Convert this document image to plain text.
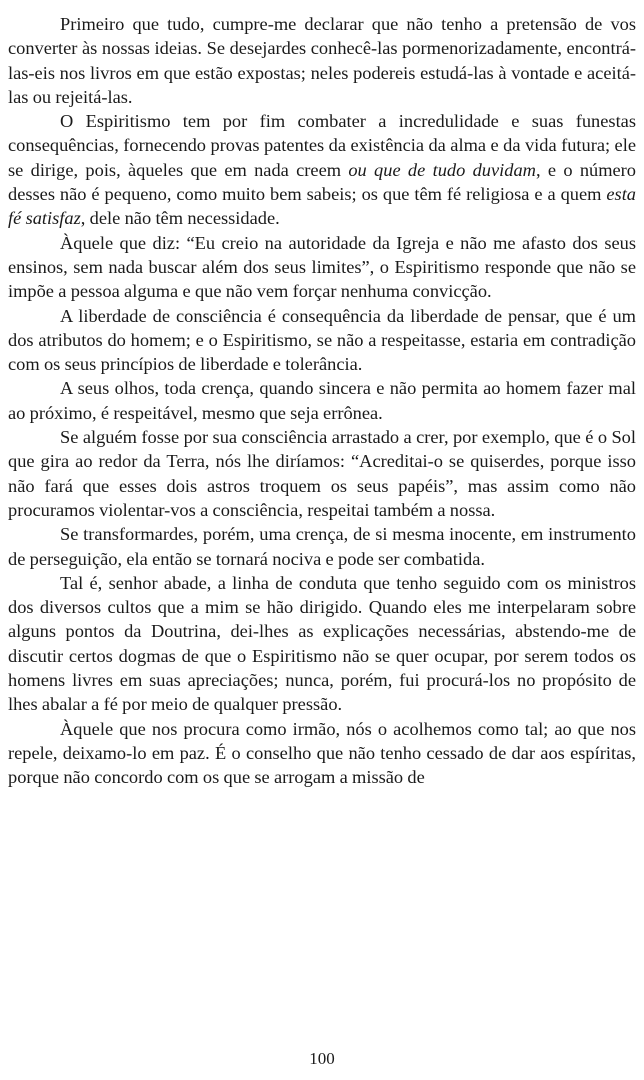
Primeiro que tudo, cumpre-me declarar que não tenho a pretensão de vos converter às nossas ideias. Se desejardes conhecê-las pormenorizadamente, encontrá-las-eis nos livros em que estão expostas; neles podereis estudá-las à vontade e aceitá-las ou rejeitá-las.

O Espiritismo tem por fim combater a incredulidade e suas funestas consequências, fornecendo provas patentes da existência da alma e da vida futura; ele se dirige, pois, àqueles que em nada creem ou que de tudo duvidam, e o número desses não é pequeno, como muito bem sabeis; os que têm fé religiosa e a quem esta fé satisfaz, dele não têm necessidade.

Àquele que diz: “Eu creio na autoridade da Igreja e não me afasto dos seus ensinos, sem nada buscar além dos seus limites”, o Espiritismo responde que não se impõe a pessoa alguma e que não vem forçar nenhuma convicção.

A liberdade de consciência é consequência da liberdade de pensar, que é um dos atributos do homem; e o Espiritismo, se não a respeitasse, estaria em contradição com os seus princípios de liberdade e tolerância.

A seus olhos, toda crença, quando sincera e não permita ao homem fazer mal ao próximo, é respeitável, mesmo que seja errônea.

Se alguém fosse por sua consciência arrastado a crer, por exemplo, que é o Sol que gira ao redor da Terra, nós lhe diríamos: “Acreditai-o se quiserdes, porque isso não fará que esses dois astros troquem os seus papéis”, mas assim como não procuramos violentar-vos a consciência, respeitai também a nossa.

Se transformardes, porém, uma crença, de si mesma inocente, em instrumento de perseguição, ela então se tornará nociva e pode ser combatida.

Tal é, senhor abade, a linha de conduta que tenho seguido com os ministros dos diversos cultos que a mim se hão dirigido. Quando eles me interpelaram sobre alguns pontos da Doutrina, dei-lhes as explicações necessárias, abstendo-me de discutir certos dogmas de que o Espiritismo não se quer ocupar, por serem todos os homens livres em suas apreciações; nunca, porém, fui procurá-los no propósito de lhes abalar a fé por meio de qualquer pressão.

Àquele que nos procura como irmão, nós o acolhemos como tal; ao que nos repele, deixamo-lo em paz. É o conselho que não tenho cessado de dar aos espíritas, porque não concordo com os que se arrogam a missão de

100
